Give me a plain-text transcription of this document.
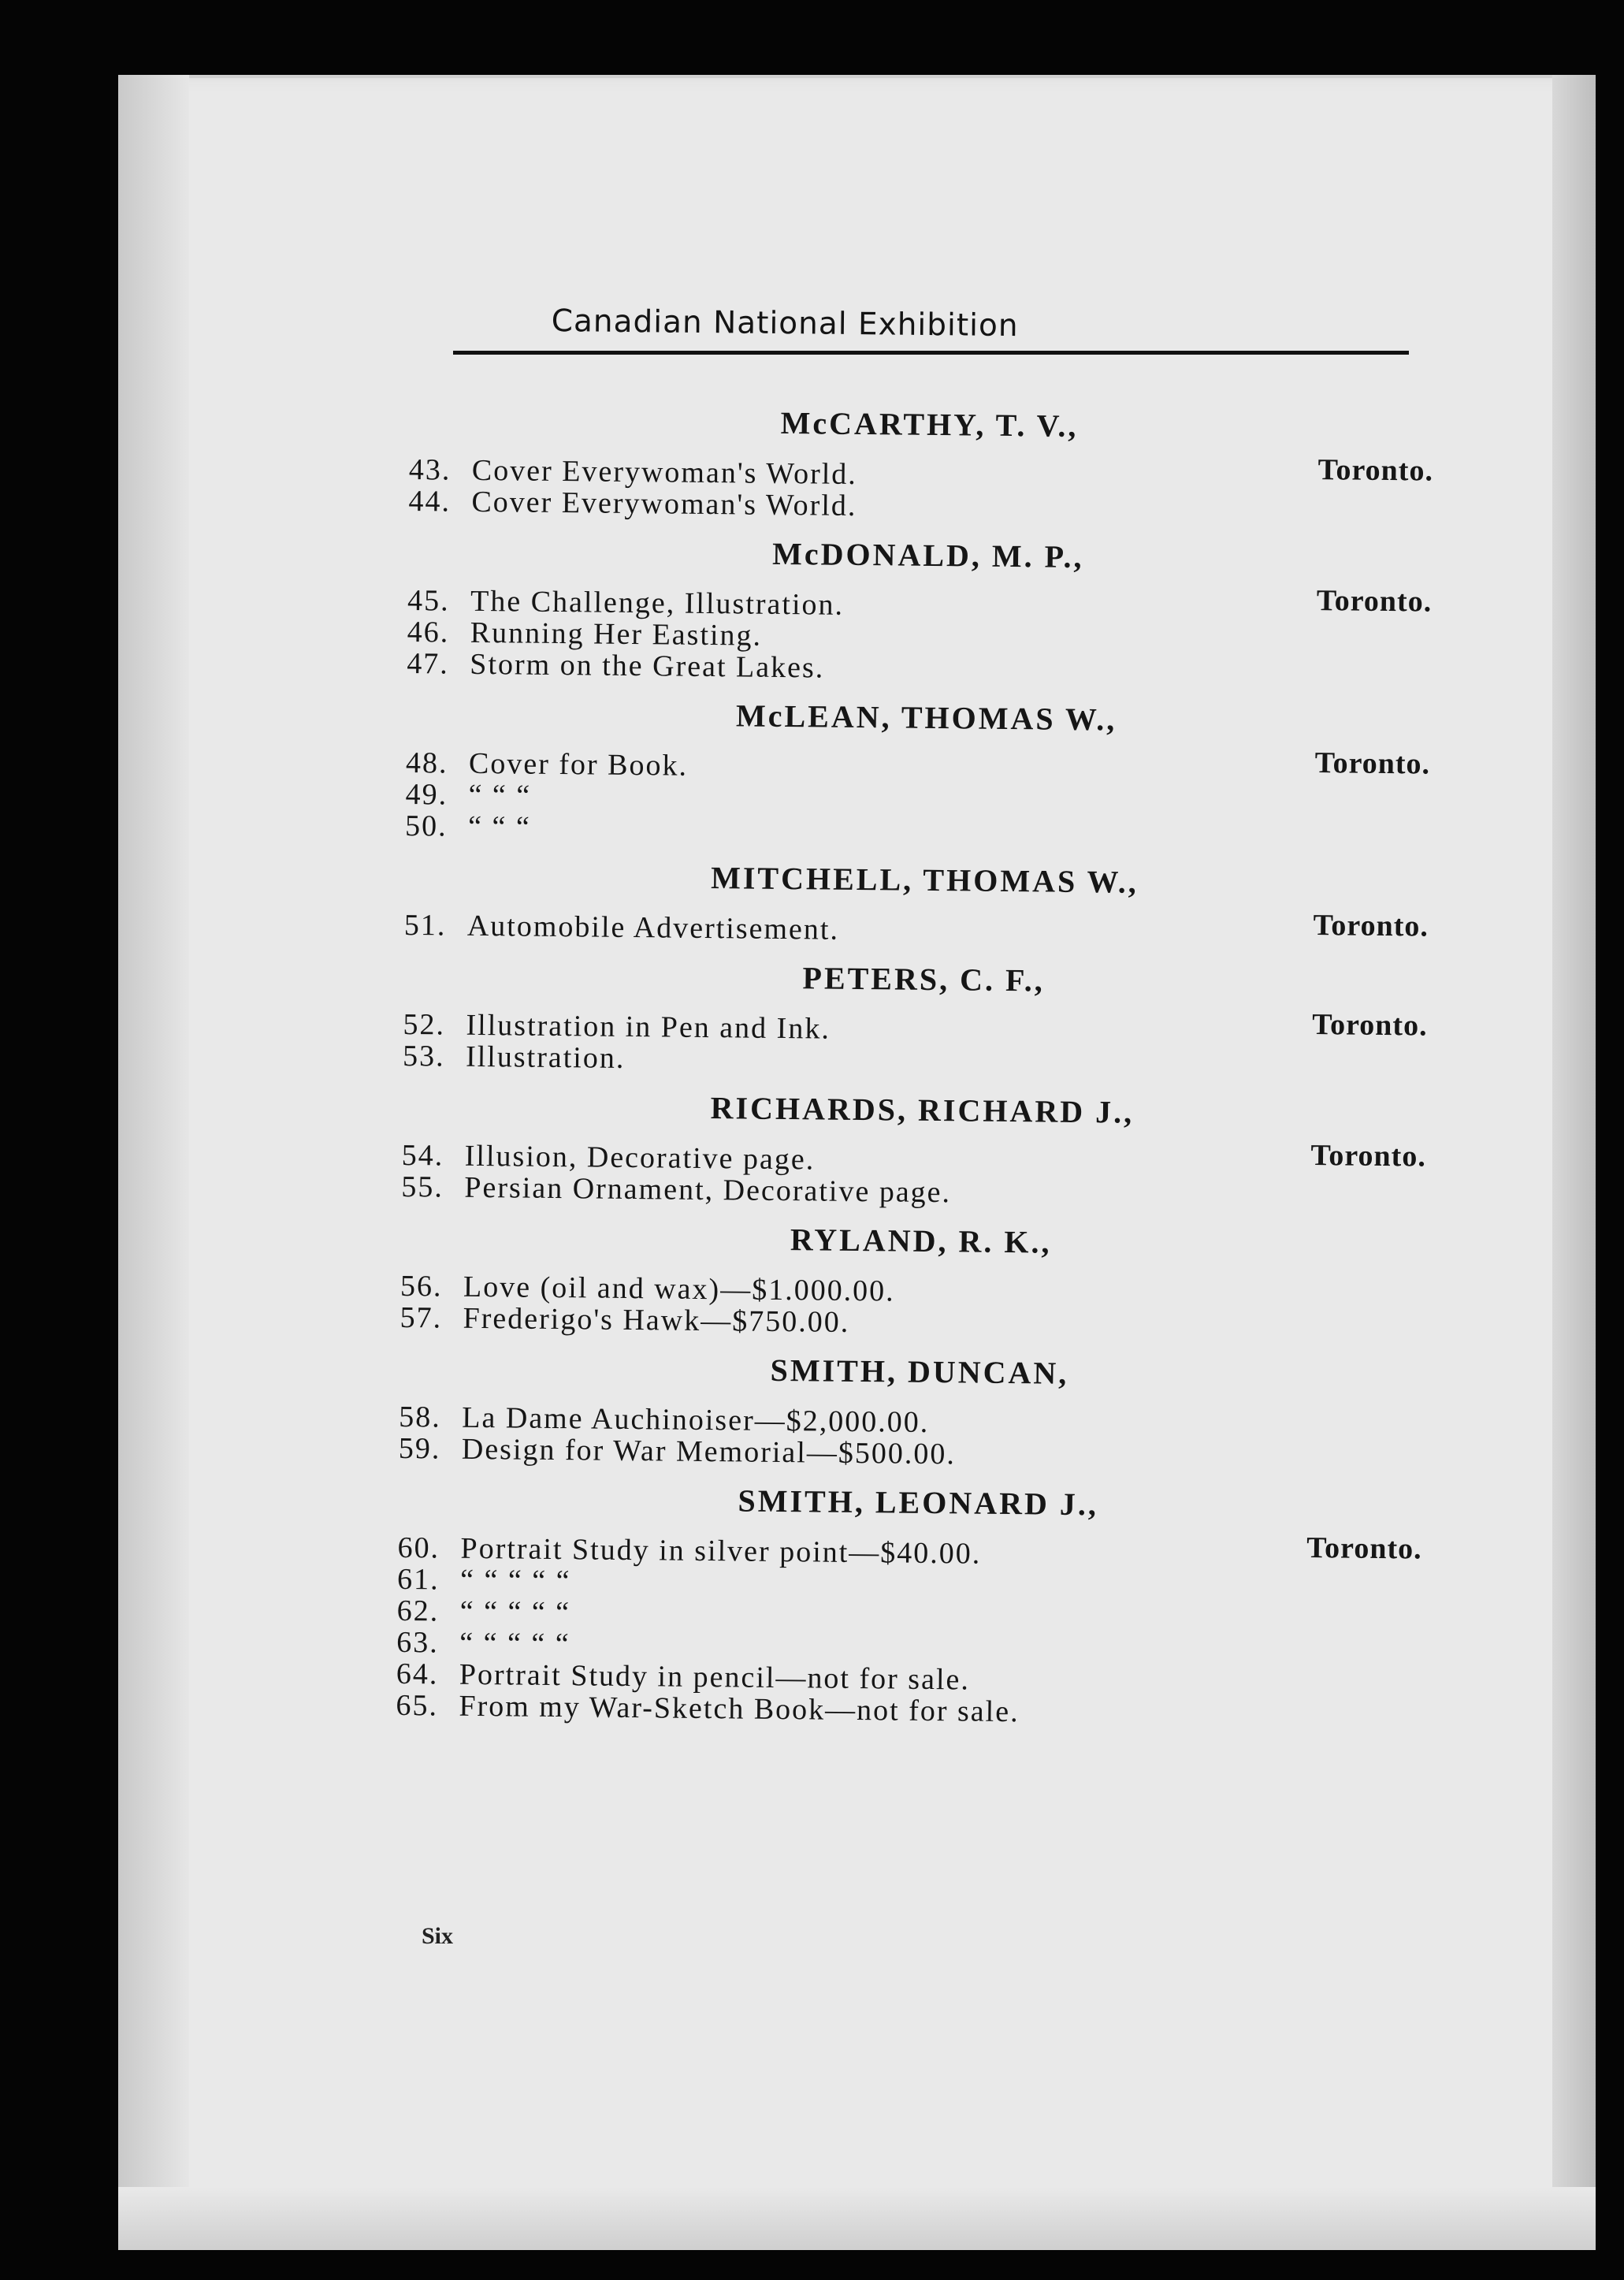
Canadian National Exhibition
McCARTHY, T. V.,
Toronto.
43. Cover Everywoman's World.
44. Cover Everywoman's World.
McDONALD, M. P.,
Toronto.
45. The Challenge, Illustration.
46. Running Her Easting.
47. Storm on the Great Lakes.
McLEAN, THOMAS W.,
Toronto.
48. Cover for Book.
49. “ “ “
50. “ “ “
MITCHELL, THOMAS W.,
Toronto.
51. Automobile Advertisement.
PETERS, C. F.,
Toronto.
52. Illustration in Pen and Ink.
53. Illustration.
RICHARDS, RICHARD J.,
Toronto.
54. Illusion, Decorative page.
55. Persian Ornament, Decorative page.
RYLAND, R. K.,
56. Love (oil and wax)—$1.000.00.
57. Frederigo's Hawk—$750.00.
SMITH, DUNCAN,
58. La Dame Auchinoiser—$2,000.00.
59. Design for War Memorial—$500.00.
SMITH, LEONARD J.,
Toronto.
60. Portrait Study in silver point—$40.00.
61. “ “ “ “ “
62. “ “ “ “ “
63. “ “ “ “ “
64. Portrait Study in pencil—not for sale.
65. From my War-Sketch Book—not for sale.
Six
